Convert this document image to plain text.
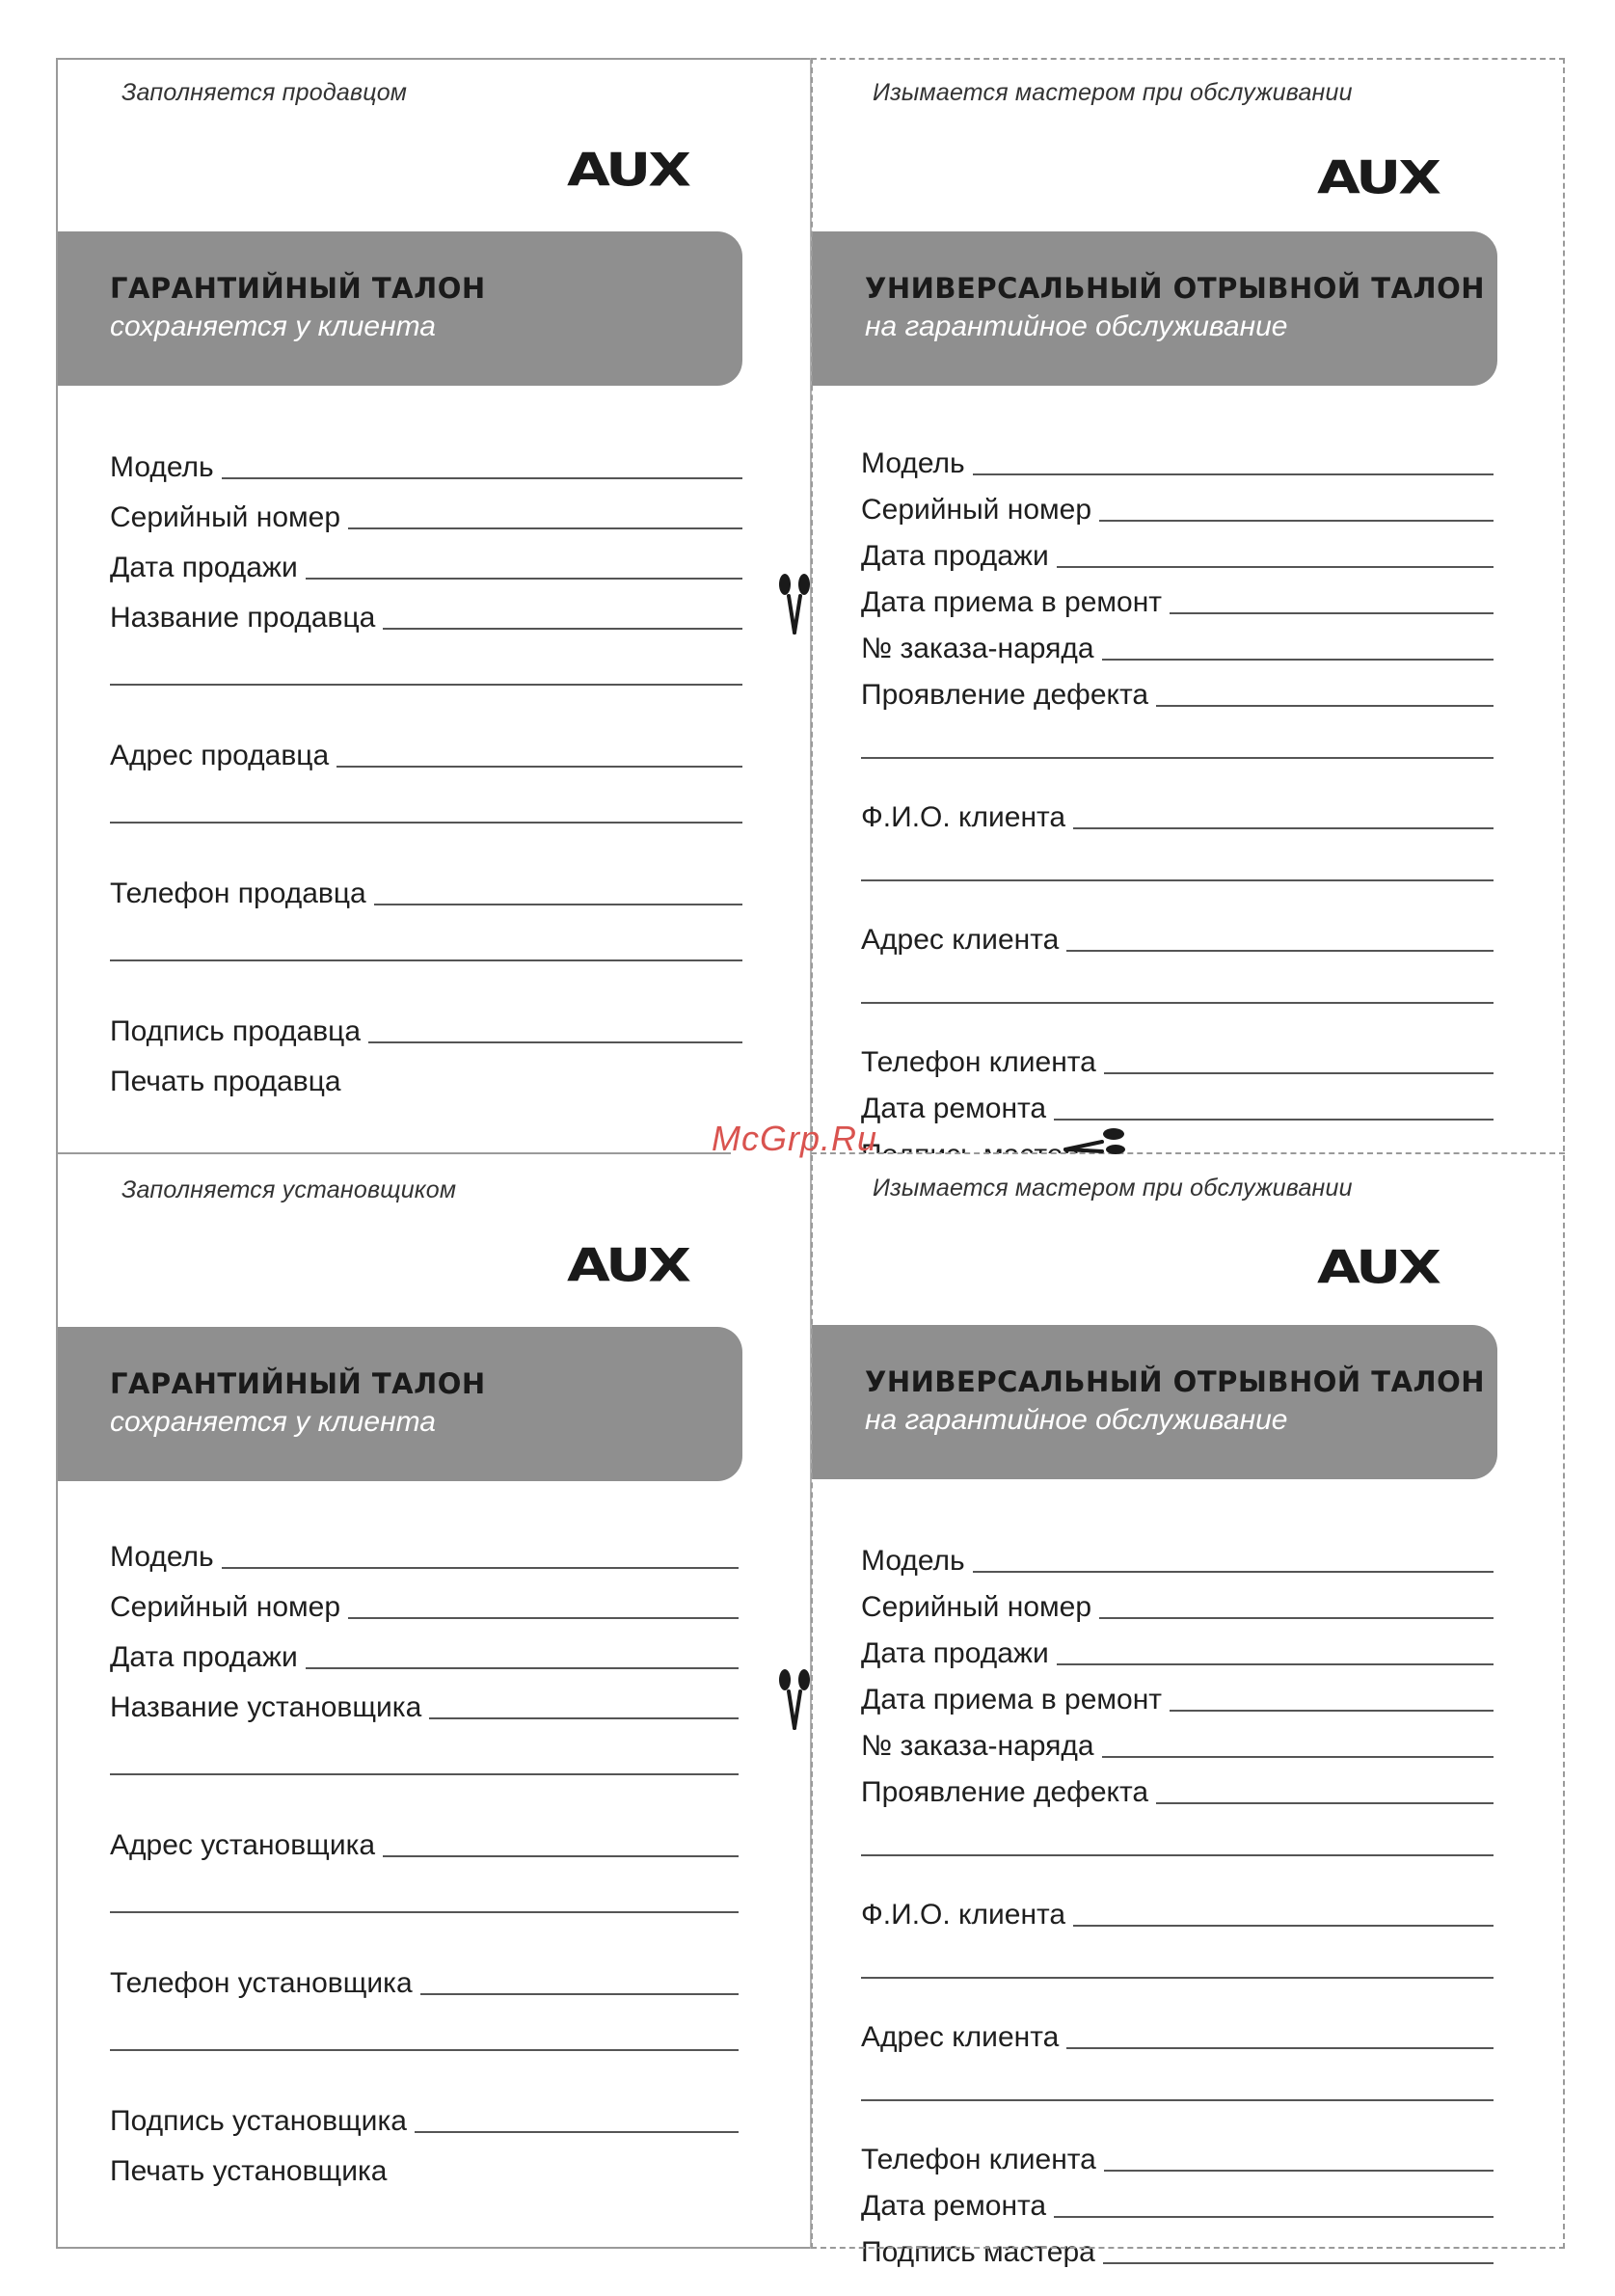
Заполняется продавцом
AUX
ГАРАНТИЙНЫЙ ТАЛОН
сохраняется у клиента
Модель
Серийный номер
Дата продажи
Название продавца
Адрес продавца
Телефон продавца
Подпись продавца
Печать продавца
Изымается мастером при обслуживании
AUX
УНИВЕРСАЛЬНЫЙ ОТРЫВНОЙ ТАЛОН
на гарантийное обслуживание
Модель
Серийный номер
Дата продажи
Дата приема в ремонт
№ заказа-наряда
Проявление дефекта
Ф.И.О. клиента
Адрес клиента
Телефон клиента
Дата ремонта
Заполняется установщиком
AUX
ГАРАНТИЙНЫЙ ТАЛОН
сохраняется у клиента
Модель
Серийный номер
Дата продажи
Название установщика
Адрес установщика
Телефон установщика
Подпись установщика
Печать установщика
Изымается мастером при обслуживании
AUX
УНИВЕРСАЛЬНЫЙ ОТРЫВНОЙ ТАЛОН
на гарантийное обслуживание
Модель
Серийный номер
Дата продажи
Дата приема в ремонт
№ заказа-наряда
Проявление дефекта
Ф.И.О. клиента
Адрес клиента
Телефон клиента
Дата ремонта
Подпись мастера
McGrp.Ru
